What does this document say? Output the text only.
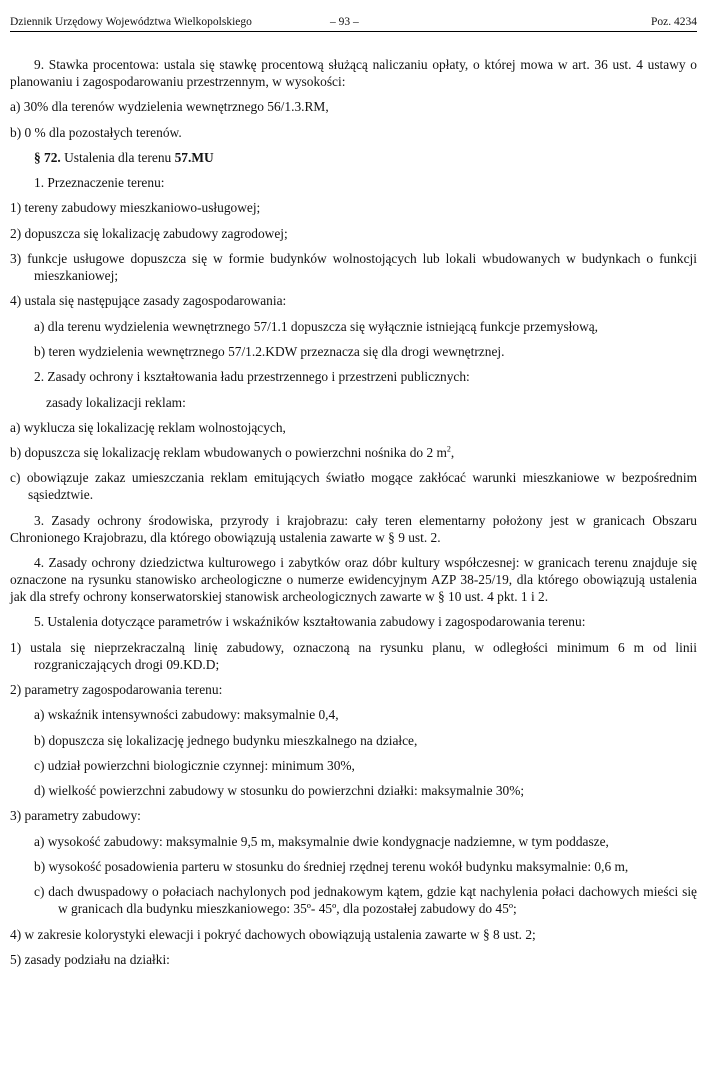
Dziennik Urzędowy Województwa Wielkopolskiego	– 93 –	Poz. 4234

9. Stawka procentowa: ustala się stawkę procentową służącą naliczaniu opłaty, o której mowa w art. 36 ust. 4 ustawy o planowaniu i zagospodarowaniu przestrzennym, w wysokości:

a) 30% dla terenów wydzielenia wewnętrznego 56/1.3.RM,

b) 0 % dla pozostałych terenów.

§ 72. Ustalenia dla terenu 57.MU

1. Przeznaczenie terenu:

1) tereny zabudowy mieszkaniowo-usługowej;

2) dopuszcza się lokalizację zabudowy zagrodowej;

3) funkcje usługowe dopuszcza się w formie budynków wolnostojących lub lokali wbudowanych w budynkach o funkcji mieszkaniowej;

4) ustala się następujące zasady zagospodarowania:

a) dla terenu wydzielenia wewnętrznego 57/1.1 dopuszcza się wyłącznie istniejącą funkcje przemysłową,

b) teren wydzielenia wewnętrznego 57/1.2.KDW przeznacza się dla drogi wewnętrznej.

2. Zasady ochrony i kształtowania ładu przestrzennego i przestrzeni publicznych:

zasady lokalizacji reklam:

a) wyklucza się lokalizację reklam wolnostojących,

b) dopuszcza się lokalizację reklam wbudowanych o powierzchni nośnika do 2 $m^2$,

c) obowiązuje zakaz umieszczania reklam emitujących światło mogące zakłócać warunki mieszkaniowe w bezpośrednim sąsiedztwie.

3. Zasady ochrony środowiska, przyrody i krajobrazu: cały teren elementarny położony jest w granicach Obszaru Chronionego Krajobrazu, dla którego obowiązują ustalenia zawarte w § 9 ust. 2.

4. Zasady ochrony dziedzictwa kulturowego i zabytków oraz dóbr kultury współczesnej: w granicach terenu znajduje się oznaczone na rysunku stanowisko archeologiczne o numerze ewidencyjnym AZP 38-25/19, dla którego obowiązują ustalenia jak dla strefy ochrony konserwatorskiej stanowisk archeologicznych zawarte w § 10 ust. 4 pkt. 1 i 2.

5. Ustalenia dotyczące parametrów i wskaźników kształtowania zabudowy i zagospodarowania terenu:

1) ustala się nieprzekraczalną linię zabudowy, oznaczoną na rysunku planu, w odległości minimum 6 m od linii rozgraniczających drogi 09.KD.D;

2) parametry zagospodarowania terenu:

a) wskaźnik intensywności zabudowy: maksymalnie 0,4,

b) dopuszcza się lokalizację jednego budynku mieszkalnego na działce,

c) udział powierzchni biologicznie czynnej: minimum 30%,

d) wielkość powierzchni zabudowy w stosunku do powierzchni działki: maksymalnie 30%;

3) parametry zabudowy:

a) wysokość zabudowy: maksymalnie 9,5 m, maksymalnie dwie kondygnacje nadziemne, w tym poddasze,

b) wysokość posadowienia parteru w stosunku do średniej rzędnej terenu wokół budynku maksymalnie: 0,6 m,

c) dach dwuspadowy o połaciach nachylonych pod jednakowym kątem, gdzie kąt nachylenia połaci dachowych mieści się w granicach dla budynku mieszkaniowego: 35º- 45º, dla pozostałej zabudowy do 45º;

4) w zakresie kolorystyki elewacji i pokryć dachowych obowiązują ustalenia zawarte w § 8 ust. 2;

5) zasady podziału na działki:
